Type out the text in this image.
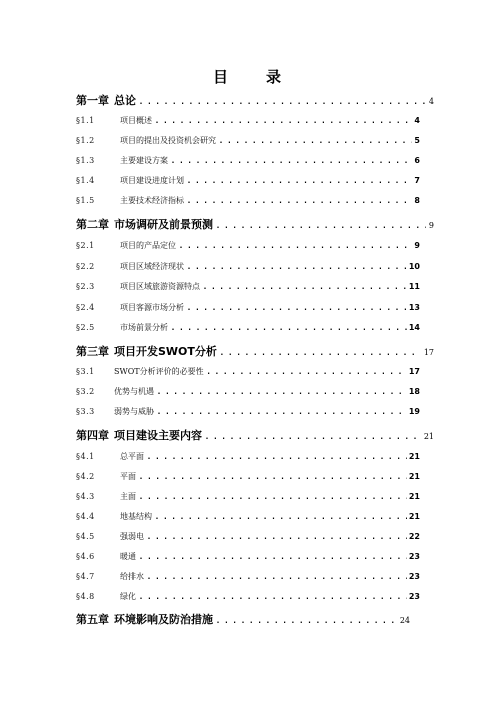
目 录
第一章 总论 .....	4
§1.1	项目概述 .....	4
§1.2	项目的提出及投资机会研究 .....	5
§1.3	主要建设方案 .....	6
§1.4	项目建设进度计划 .....	7
§1.5	主要技术经济指标 .....	8
第二章 市场调研及前景预测 .....	9
§2.1	项目的产品定位 .....	9
§2.2	项目区域经济现状 .....	10
§2.3	项目区域旅游资源特点 .....	11
§2.4	项目客源市场分析 .....	13
§2.5	市场前景分析 .....	14
第三章 项目开发SWOT分析 .....	17
§3.1	SWOT分析评价的必要性 .....	17
§3.2	优势与机遇 .....	18
§3.3	弱势与威胁 .....	19
第四章 项目建设主要内容 .....	21
§4.1	总平面 .....	21
§4.2	平面 .....	21
§4.3	主面 .....	21
§4.4	地基结构 .....	21
§4.5	强弱电 .....	22
§4.6	暖通 .....	23
§4.7	给排水 .....	23
§4.8	绿化 .....	23
第五章 环境影响及防治措施 .....	24
